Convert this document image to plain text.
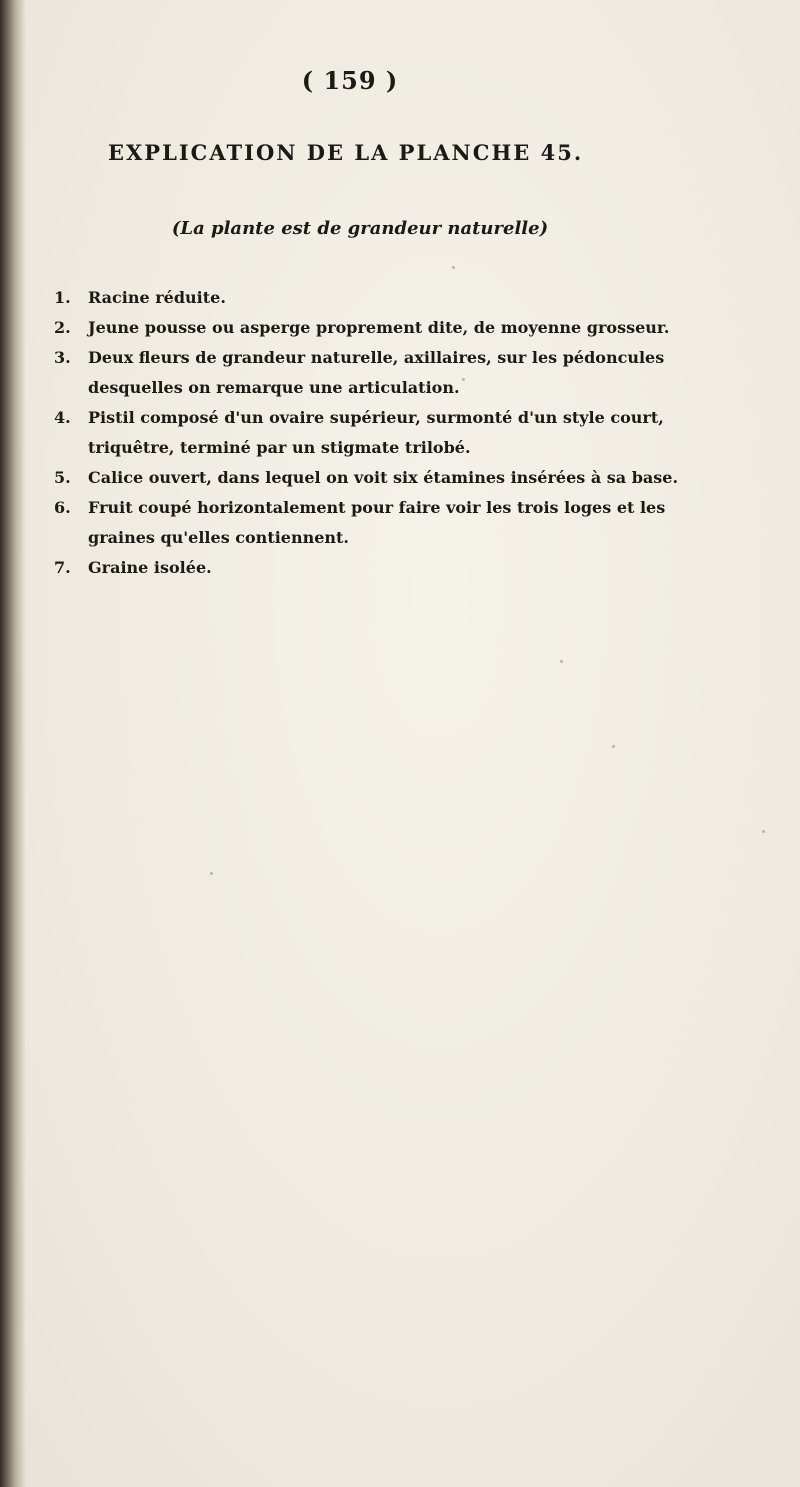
( 159 )
EXPLICATION DE LA PLANCHE 45.
(La plante est de grandeur naturelle)
1.	Racine réduite.
2.	Jeune pousse ou asperge proprement dite, de moyenne grosseur.
3.	Deux fleurs de grandeur naturelle, axillaires, sur les pédoncules desquelles on remarque une articulation.
4.	Pistil composé d'un ovaire supérieur, surmonté d'un style court, triquêtre, terminé par un stigmate trilobé.
5.	Calice ouvert, dans lequel on voit six étamines insérées à sa base.
6.	Fruit coupé horizontalement pour faire voir les trois loges et les graines qu'elles contiennent.
7.	Graine isolée.
